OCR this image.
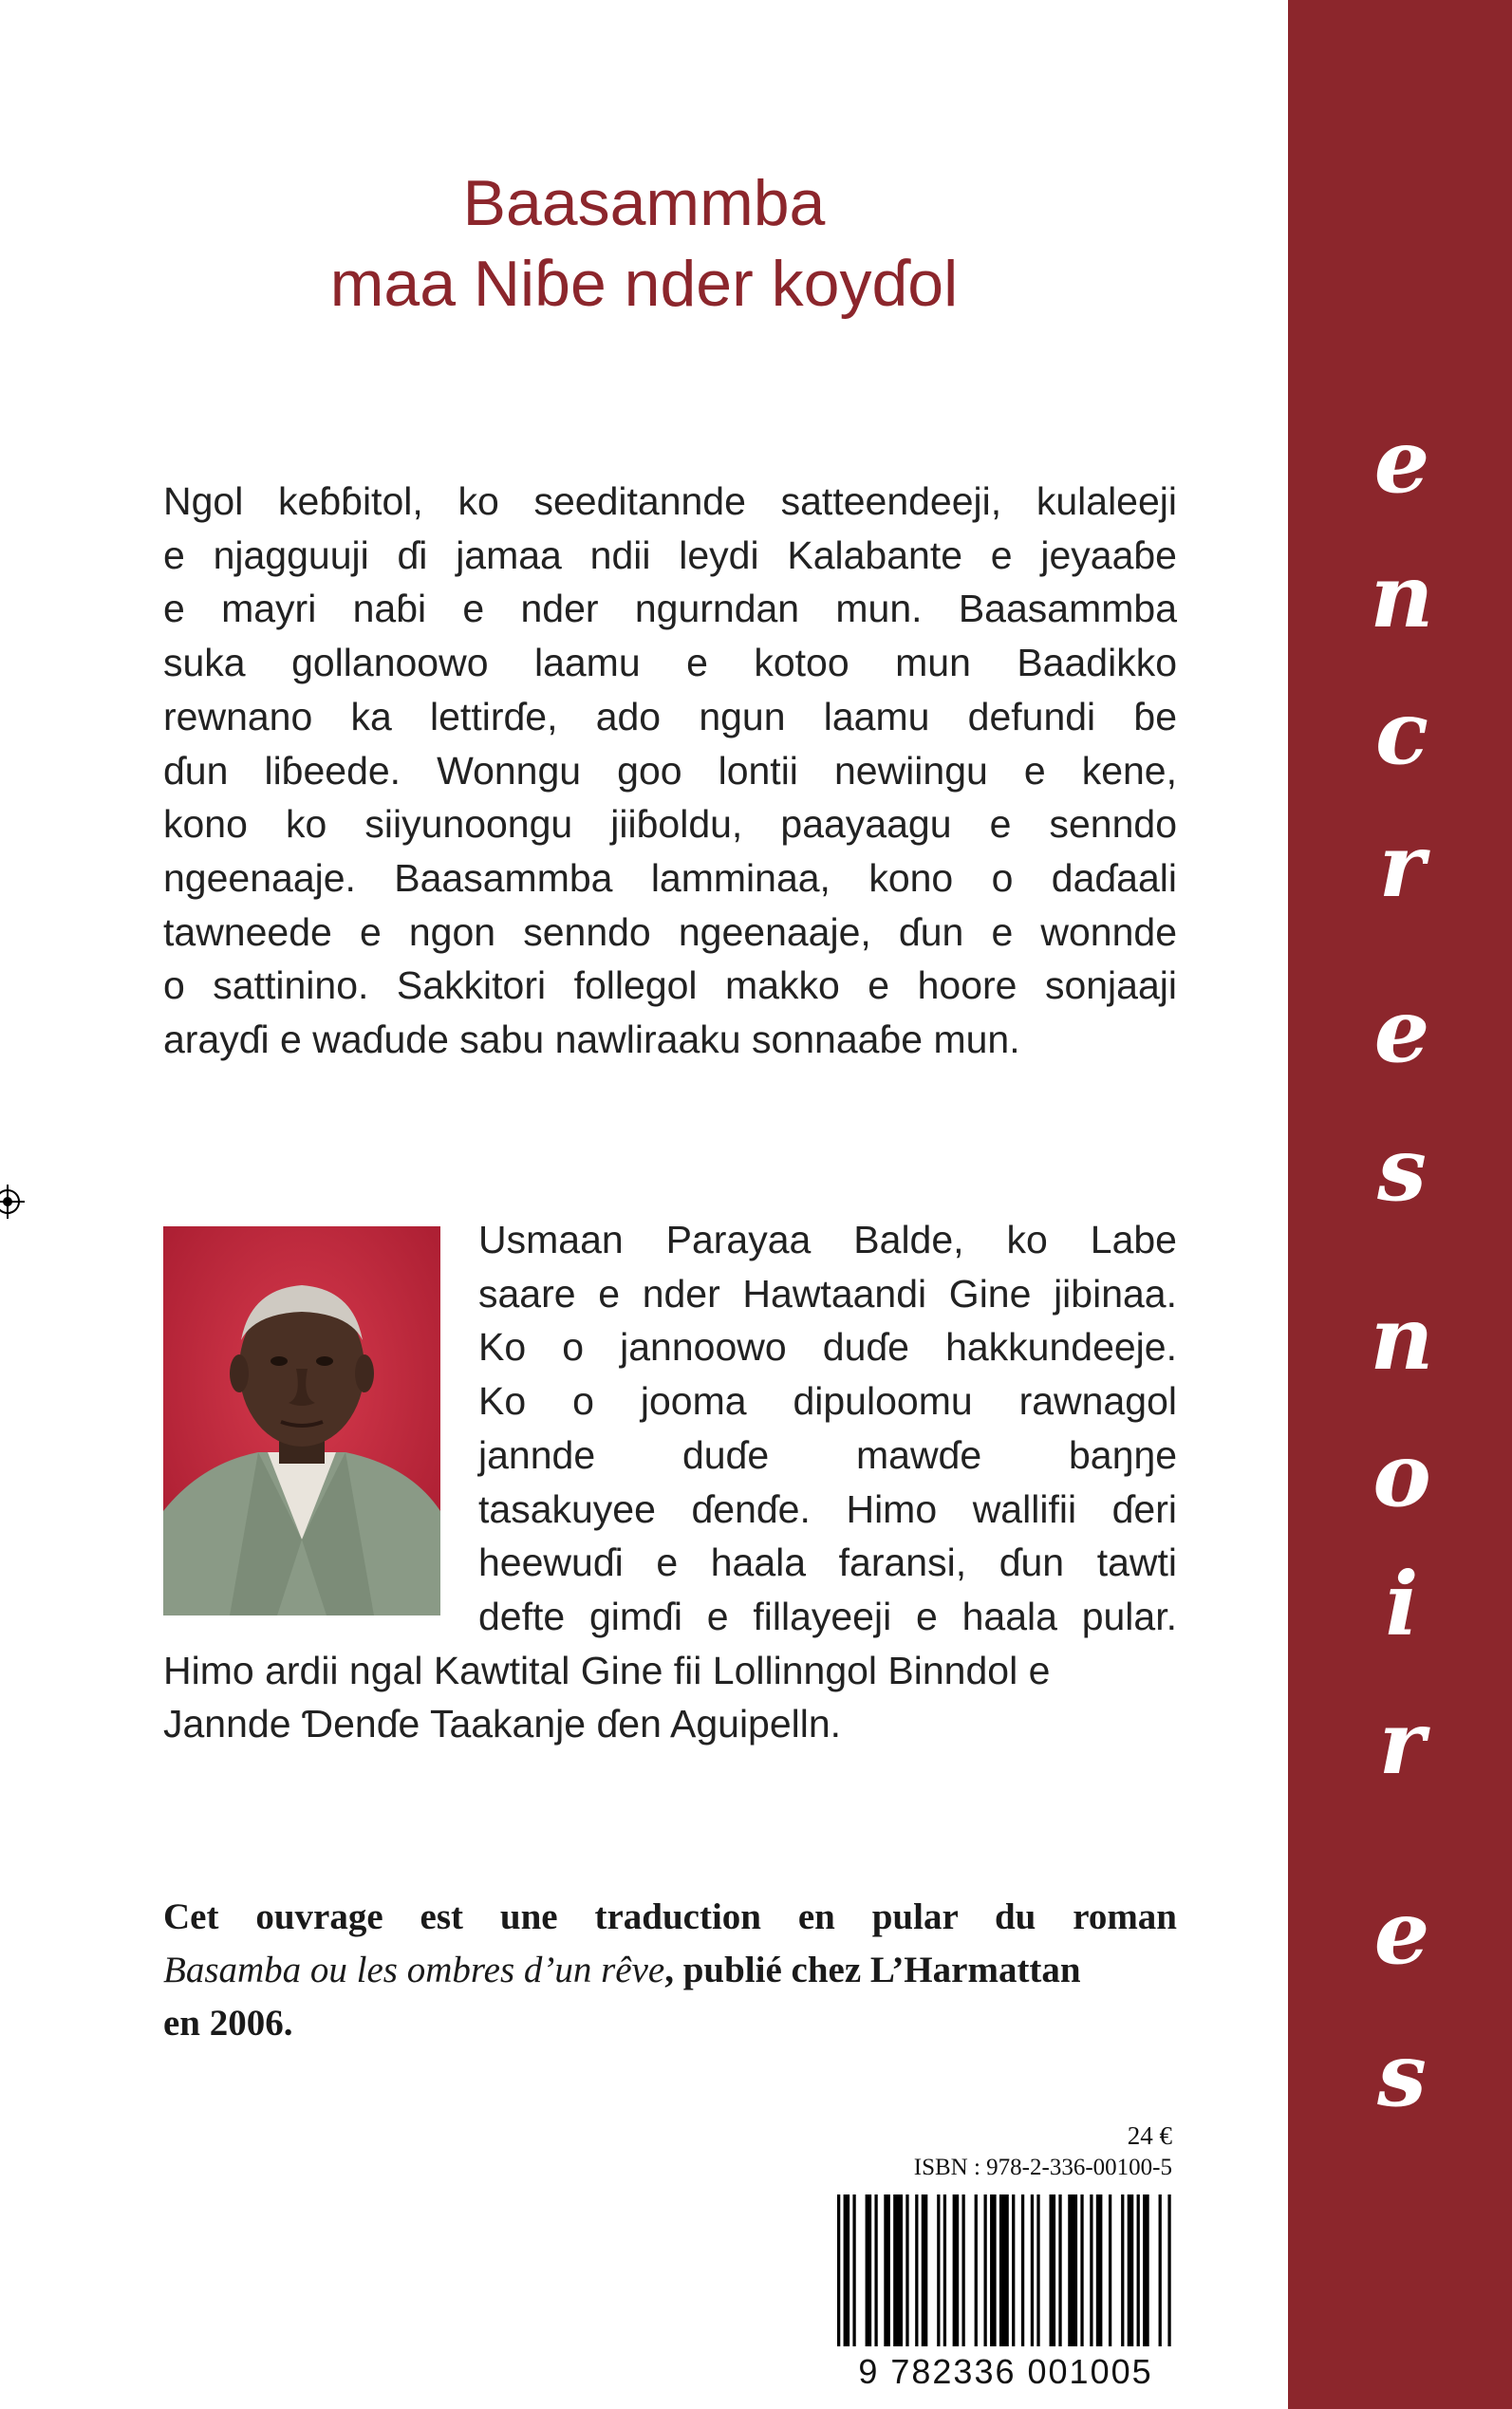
e
n
c
r
e
s
n
o
i
r
e
s
Baasammba
maa Niɓe nder koyɗol
Ngol keɓɓitol, ko seeditannde satteendeeji, kulaleeji
e njagguuji ɗi jamaa ndii leydi Kalabante e jeyaaɓe
e mayri naɓi e nder ngurndan mun. Baasammba
suka gollanoowo laamu e kotoo mun Baadikko
rewnano ka lettirɗe, ado ngun laamu defundi ɓe
ɗun liɓeede. Wonngu goo lontii newiingu e kene,
kono ko siiyunoongu jiiɓoldu, paayaagu e senndo
ngeenaaje. Baasammba lamminaa, kono o daɗaali
tawneede e ngon senndo ngeenaaje, ɗun e wonnde
o sattinino. Sakkitori follegol makko e hoore sonjaaji
arayɗi e waɗude sabu nawliraaku sonnaaɓe mun.
Usmaan Parayaa Balde, ko Labe
saare e nder Hawtaandi Gine jibinaa.
Ko o jannoowo duɗe hakkundeeje.
Ko o jooma dipuloomu rawnagol
jannde duɗe mawɗe baŋŋe
tasakuyee ɗenɗe. Himo wallifii ɗeri
heewuɗi e haala faransi, ɗun tawti
defte gimɗi e fillayeeji e haala pular.
Himo ardii ngal Kawtital Gine fii Lollinngol Binndol e
Jannde Ɗenɗe Taakanje ɗen Aguipelln.
Cet ouvrage est une traduction en pular du roman
Basamba ou les ombres d’un rêve, publié chez L’Harmattan
en 2006.
24 €
ISBN : 978-2-336-00100-5
9 782336 001005
